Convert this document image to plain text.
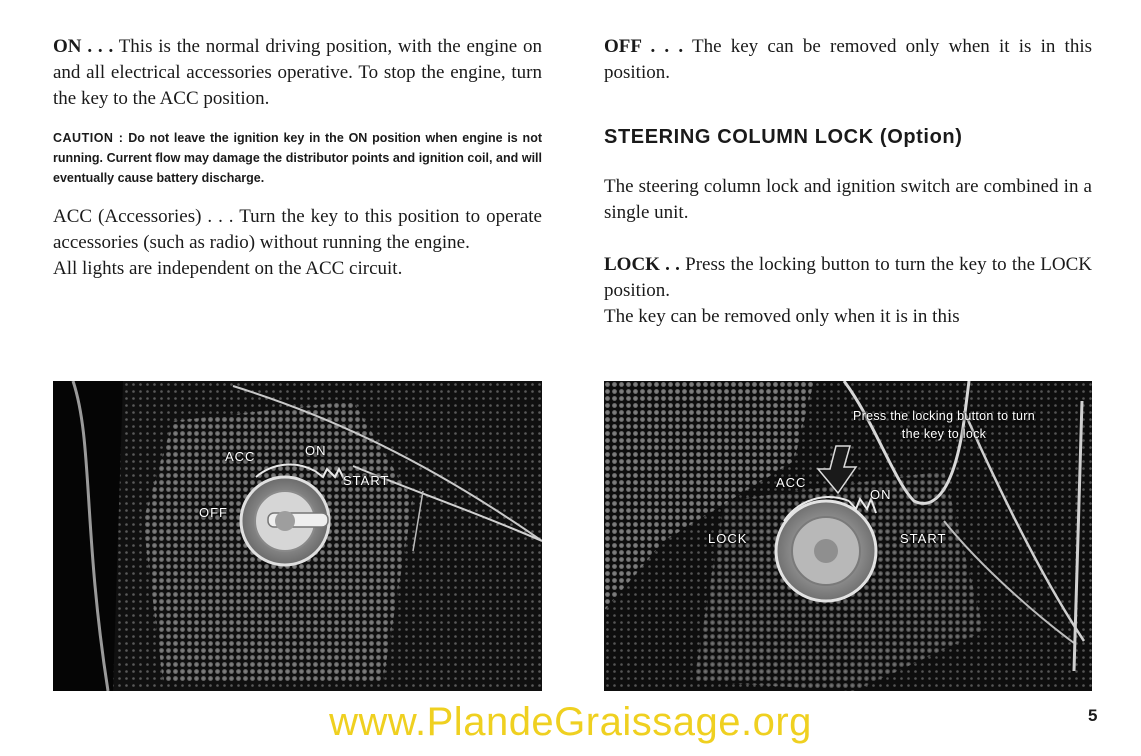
ON . . . This is the normal driving position, with the engine on and all electrical accessories operative. To stop the engine, turn the key to the ACC position.

CAUTION : Do not leave the ignition key in the ON position when engine is not running. Current flow may damage the distributor points and ignition coil, and will eventually cause battery discharge.

ACC (Accessories) . . . Turn the key to this position to operate accessories (such as radio) without running the engine.

All lights are independent on the ACC circuit.

OFF . . . The key can be removed only when it is in this position.

STEERING COLUMN LOCK (Option)

The steering column lock and ignition switch are combined in a single unit.

LOCK . . Press the locking button to turn the key to the LOCK position.

The key can be removed only when it is in this

ACC	ON
START
OFF
Press the locking button to turn the key to lock
ACC
ON
LOCK	START
www.PlandeGraissage.org	5
